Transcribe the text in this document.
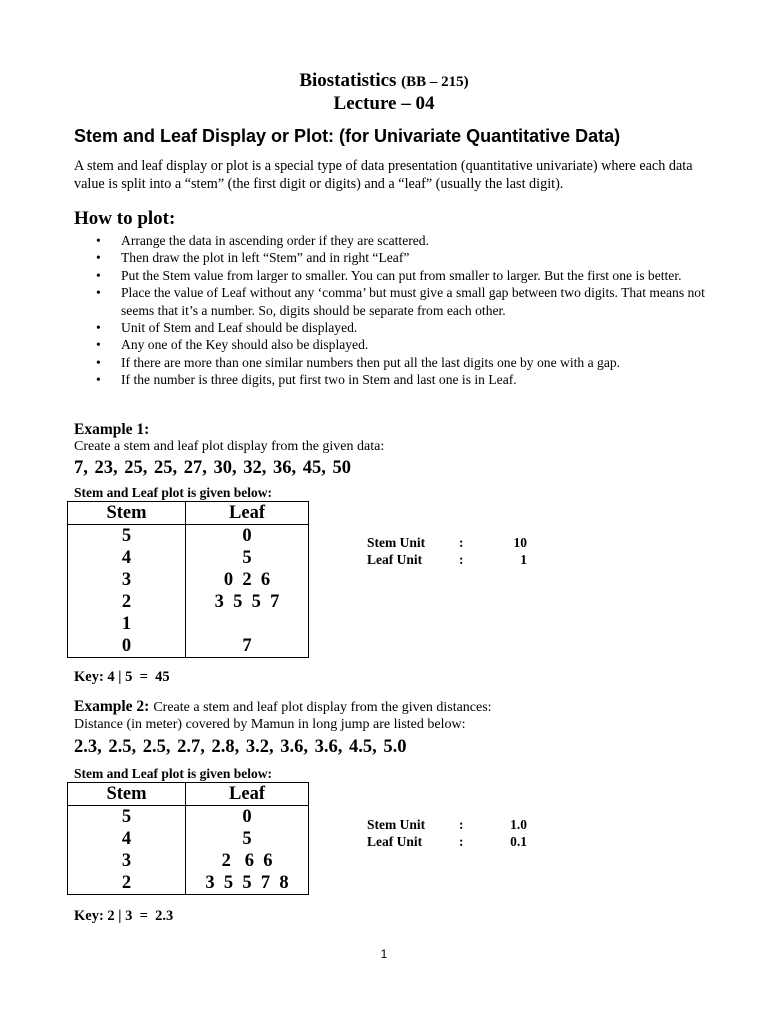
Biostatistics (BB – 215)
Lecture – 04
Stem and Leaf Display or Plot: (for Univariate Quantitative Data)
A stem and leaf display or plot is a special type of data presentation (quantitative univariate) where each data value is split into a “stem” (the first digit or digits) and a “leaf” (usually the last digit).
How to plot:
• Arrange the data in ascending order if they are scattered.
• Then draw the plot in left “Stem” and in right “Leaf”
• Put the Stem value from larger to smaller. You can put from smaller to larger. But the first one is better.
• Place the value of Leaf without any ‘comma’ but must give a small gap between two digits. That means not seems that it’s a number. So, digits should be separate from each other.
• Unit of Stem and Leaf should be displayed.
• Any one of the Key should also be displayed.
• If there are more than one similar numbers then put all the last digits one by one with a gap.
• If the number is three digits, put first two in Stem and last one is in Leaf.
Example 1:
Create a stem and leaf plot display from the given data:
7, 23, 25, 25, 27, 30, 32, 36, 45, 50
Stem and Leaf plot is given below:
Stem	Leaf
5	0
4	5
3	0  2  6
2	3  5  5  7
1	
0	7
Stem Unit	:	10
Leaf Unit	:	1
Key: 4 | 5  =  45
Example 2: Create a stem and leaf plot display from the given distances:
Distance (in meter) covered by Mamun in long jump are listed below:
2.3, 2.5, 2.5, 2.7, 2.8, 3.2, 3.6, 3.6, 4.5, 5.0
Stem and Leaf plot is given below:
Stem	Leaf
5	0
4	5
3	2   6  6
2	3  5  5  7  8
Stem Unit	:	1.0
Leaf Unit	:	0.1
Key: 2 | 3  =  2.3
1
